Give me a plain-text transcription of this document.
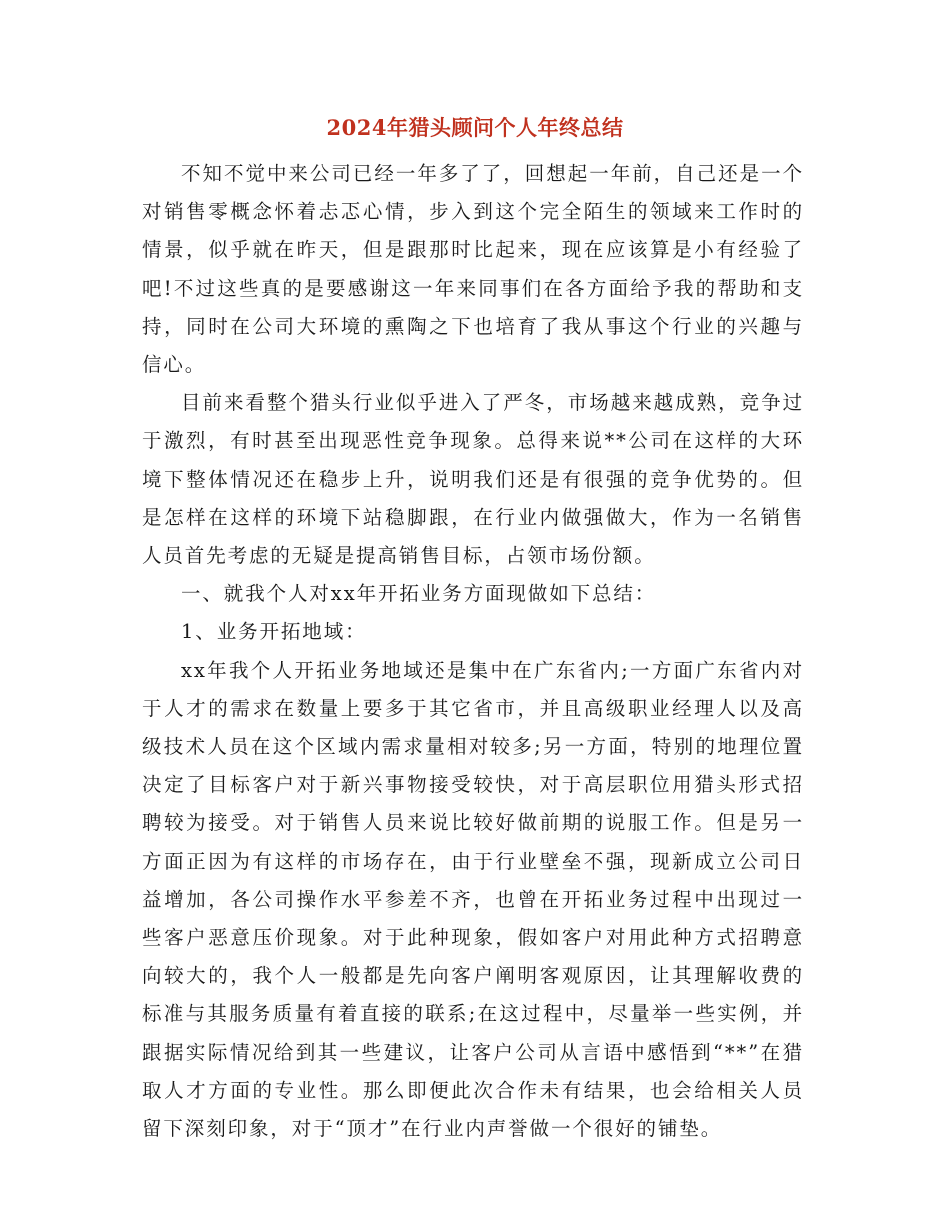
2024年猎头顾问个人年终总结

不知不觉中来公司已经一年多了了，回想起一年前，自己还是一个对销售零概念怀着忐忑心情，步入到这个完全陌生的领域来工作时的情景，似乎就在昨天，但是跟那时比起来，现在应该算是小有经验了吧!不过这些真的是要感谢这一年来同事们在各方面给予我的帮助和支持，同时在公司大环境的熏陶之下也培育了我从事这个行业的兴趣与信心。

目前来看整个猎头行业似乎进入了严冬，市场越来越成熟，竞争过于激烈，有时甚至出现恶性竞争现象。总得来说**公司在这样的大环境下整体情况还在稳步上升，说明我们还是有很强的竞争优势的。但是怎样在这样的环境下站稳脚跟，在行业内做强做大，作为一名销售人员首先考虑的无疑是提高销售目标，占领市场份额。

一、就我个人对xx年开拓业务方面现做如下总结：

1、业务开拓地域：

xx年我个人开拓业务地域还是集中在广东省内;一方面广东省内对于人才的需求在数量上要多于其它省市，并且高级职业经理人以及高级技术人员在这个区域内需求量相对较多;另一方面，特别的地理位置决定了目标客户对于新兴事物接受较快，对于高层职位用猎头形式招聘较为接受。对于销售人员来说比较好做前期的说服工作。但是另一方面正因为有这样的市场存在，由于行业壁垒不强，现新成立公司日益增加，各公司操作水平参差不齐，也曾在开拓业务过程中出现过一些客户恶意压价现象。对于此种现象，假如客户对用此种方式招聘意向较大的，我个人一般都是先向客户阐明客观原因，让其理解收费的标准与其服务质量有着直接的联系;在这过程中，尽量举一些实例，并跟据实际情况给到其一些建议，让客户公司从言语中感悟到“**”在猎取人才方面的专业性。那么即便此次合作未有结果，也会给相关人员留下深刻印象，对于“顶才”在行业内声誉做一个很好的铺垫。
